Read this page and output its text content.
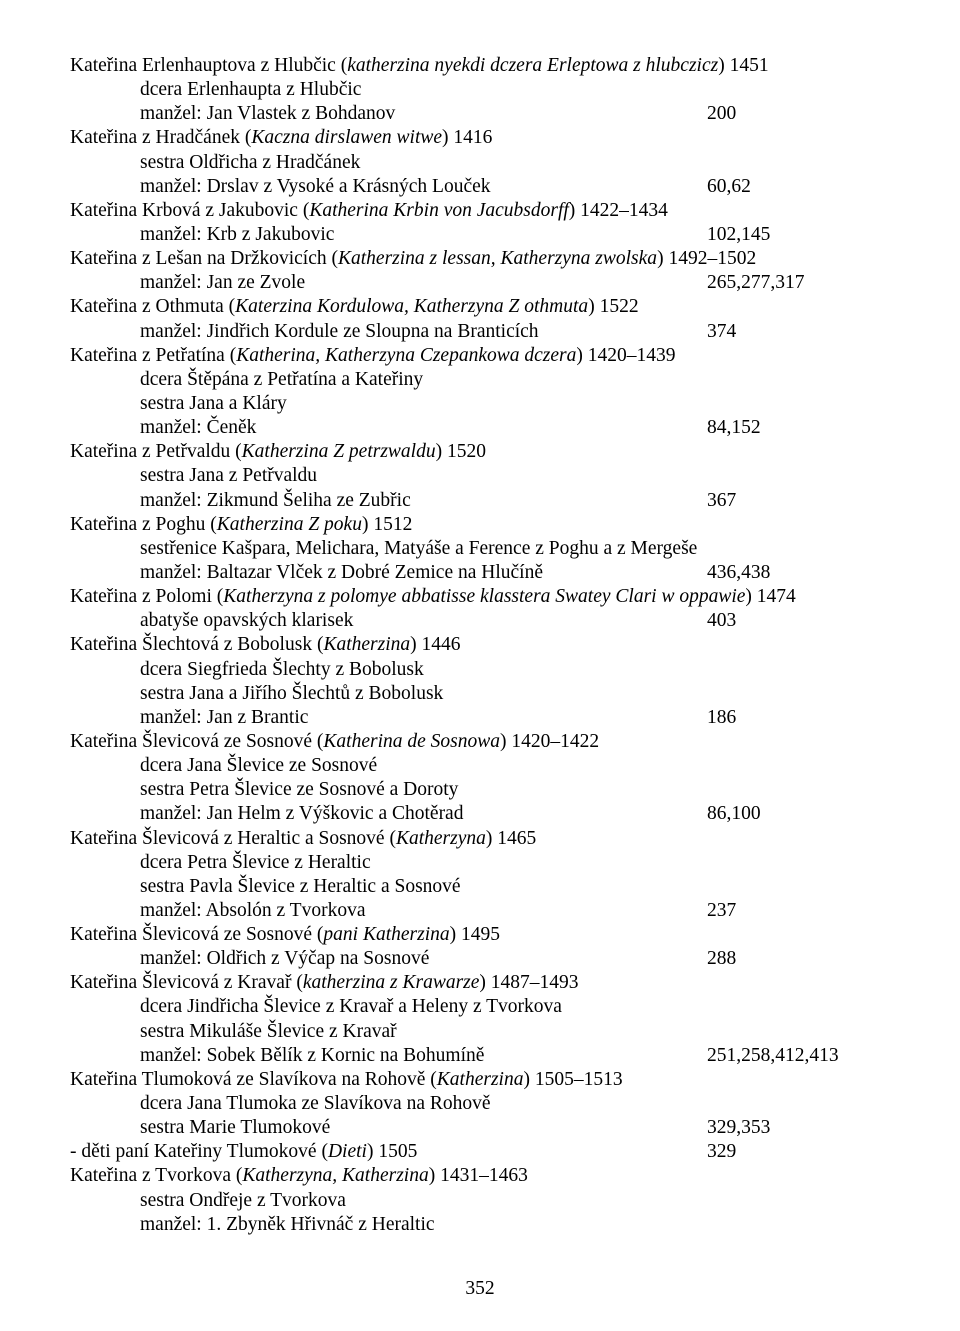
Kateřina Erlenhauptova z Hlubčic (katherzina nyekdi dczera Erleptowa z hlubczicz) 1451
dcera Erlenhaupta z Hlubčic
manžel: Jan Vlastek z Bohdanov	200
Kateřina z Hradčánek (Kaczna dirslawen witwe) 1416
sestra Oldřicha z Hradčánek
manžel: Drslav z Vysoké a Krásných Louček	60,62
Kateřina Krbová z Jakubovic (Katherina Krbin von Jacubsdorff) 1422–1434
manžel: Krb z Jakubovic	102,145
Kateřina z Lešan na Držkovicích (Katherzina z lessan, Katherzyna zwolska) 1492–1502
manžel: Jan ze Zvole	265,277,317
Kateřina z Othmuta (Katerzina Kordulowa, Katherzyna Z othmuta) 1522
manžel: Jindřich Kordule ze Sloupna na Branticích	374
Kateřina z Petřatína (Katherina, Katherzyna Czepankowa dczera) 1420–1439
dcera Štěpána z Petřatína a Kateřiny
sestra Jana a Kláry
manžel: Čeněk	84,152
Kateřina z Petřvaldu (Katherzina Z petrzwaldu) 1520
sestra Jana z Petřvaldu
manžel: Zikmund Šeliha ze Zubřic	367
Kateřina z Poghu (Katherzina Z poku) 1512
sestřenice Kašpara, Melichara, Matyáše a Ference z Poghu a z Mergeše
manžel: Baltazar Vlček z Dobré Zemice na Hlučíně	436,438
Kateřina z Polomi (Katherzyna z polomye abbatisse klasstera Swatey Clari w oppawie) 1474
abatyše opavských klarisek	403
Kateřina Šlechtová z Bobolusk (Katherzina) 1446
dcera Siegfrieda Šlechty z Bobolusk
sestra Jana a Jiřího Šlechtů z Bobolusk
manžel: Jan z Brantic	186
Kateřina Šlevicová ze Sosnové (Katherina de Sosnowa) 1420–1422
dcera Jana Šlevice ze Sosnové
sestra Petra Šlevice ze Sosnové a Doroty
manžel: Jan Helm z Výškovic a Chotěrad	86,100
Kateřina Šlevicová z Heraltic a Sosnové (Katherzyna) 1465
dcera Petra Šlevice z Heraltic
sestra Pavla Šlevice z Heraltic a Sosnové
manžel: Absolón z Tvorkova	237
Kateřina Šlevicová ze Sosnové (pani Katherzina) 1495
manžel: Oldřich z Výčap na Sosnové	288
Kateřina Šlevicová z Kravař (katherzina z Krawarze) 1487–1493
dcera Jindřicha Šlevice z Kravař a Heleny z Tvorkova
sestra Mikuláše Šlevice z Kravař
manžel: Sobek Bělík z Kornic na Bohumíně	251,258,412,413
Kateřina Tlumoková ze Slavíkova na Rohově (Katherzina) 1505–1513
dcera Jana Tlumoka ze Slavíkova na Rohově
sestra Marie Tlumokové	329,353
- děti paní Kateřiny Tlumokové (Dieti) 1505	329
Kateřina z Tvorkova (Katherzyna, Katherzina) 1431–1463
sestra Ondřeje z Tvorkova
manžel: 1. Zbyněk Hřivnáč z Heraltic
352
